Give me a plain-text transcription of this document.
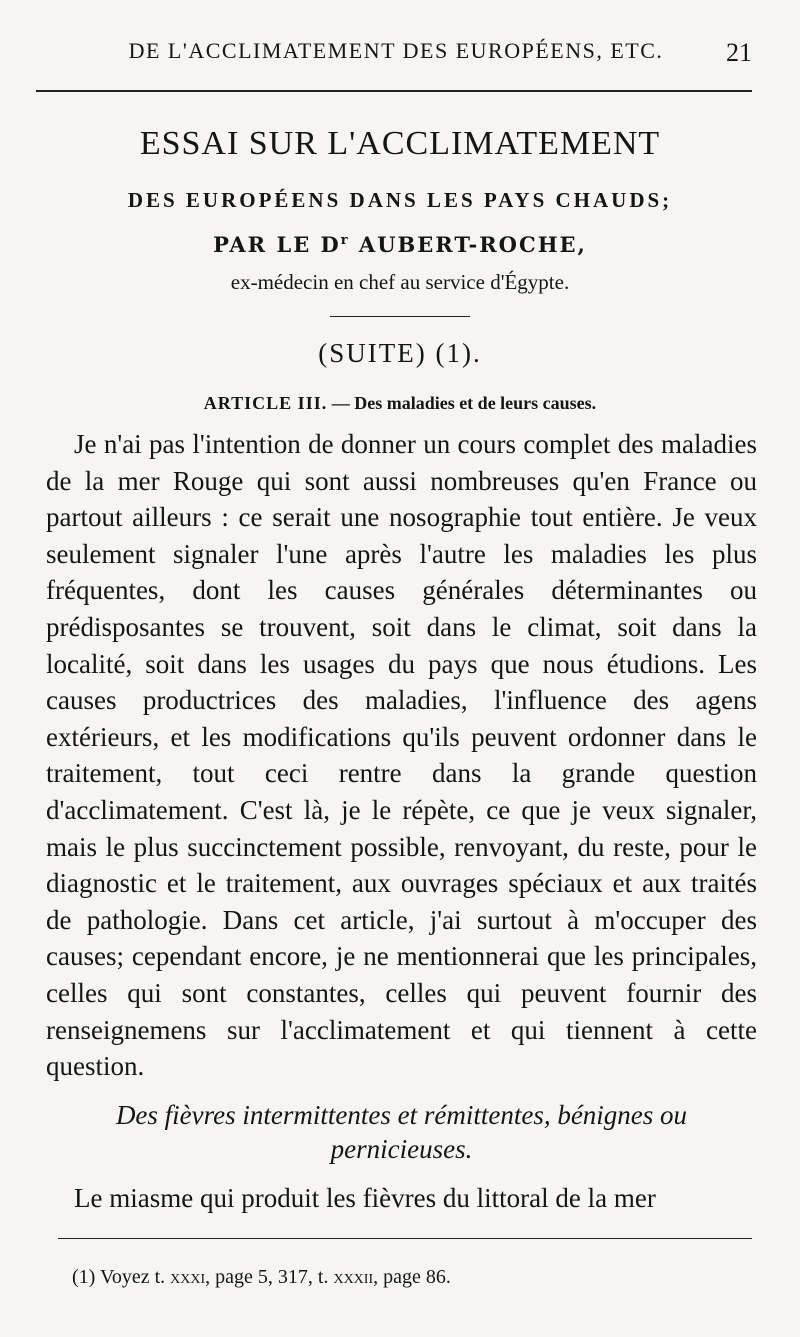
DE L'ACCLIMATEMENT DES EUROPÉENS, ETC. 21
ESSAI SUR L'ACCLIMATEMENT
DES EUROPÉENS DANS LES PAYS CHAUDS;
PAR LE $D^r$ AUBERT-ROCHE,
ex-médecin en chef au service d'Égypte.
(SUITE) (1).
ARTICLE III. — Des maladies et de leurs causes.

Je n'ai pas l'intention de donner un cours complet des maladies de la mer Rouge qui sont aussi nombreuses qu'en France ou partout ailleurs : ce serait une nosographie tout entière. Je veux seulement signaler l'une après l'autre les maladies les plus fréquentes, dont les causes générales déterminantes ou prédisposantes se trouvent, soit dans le climat, soit dans la localité, soit dans les usages du pays que nous étudions. Les causes productrices des maladies, l'influence des agens extérieurs, et les modifications qu'ils peuvent ordonner dans le traitement, tout ceci rentre dans la grande question d'acclimatement. C'est là, je le répète, ce que je veux signaler, mais le plus succinctement possible, renvoyant, du reste, pour le diagnostic et le traitement, aux ouvrages spéciaux et aux traités de pathologie. Dans cet article, j'ai surtout à m'occuper des causes; cependant encore, je ne mentionnerai que les principales, celles qui sont constantes, celles qui peuvent fournir des renseignemens sur l'acclimatement et qui tiennent à cette question.

Des fièvres intermittentes et rémittentes, bénignes ou pernicieuses.
Le miasme qui produit les fièvres du littoral de la mer
(1) Voyez t. xxxi, page 5, 317, t. xxxii, page 86.
